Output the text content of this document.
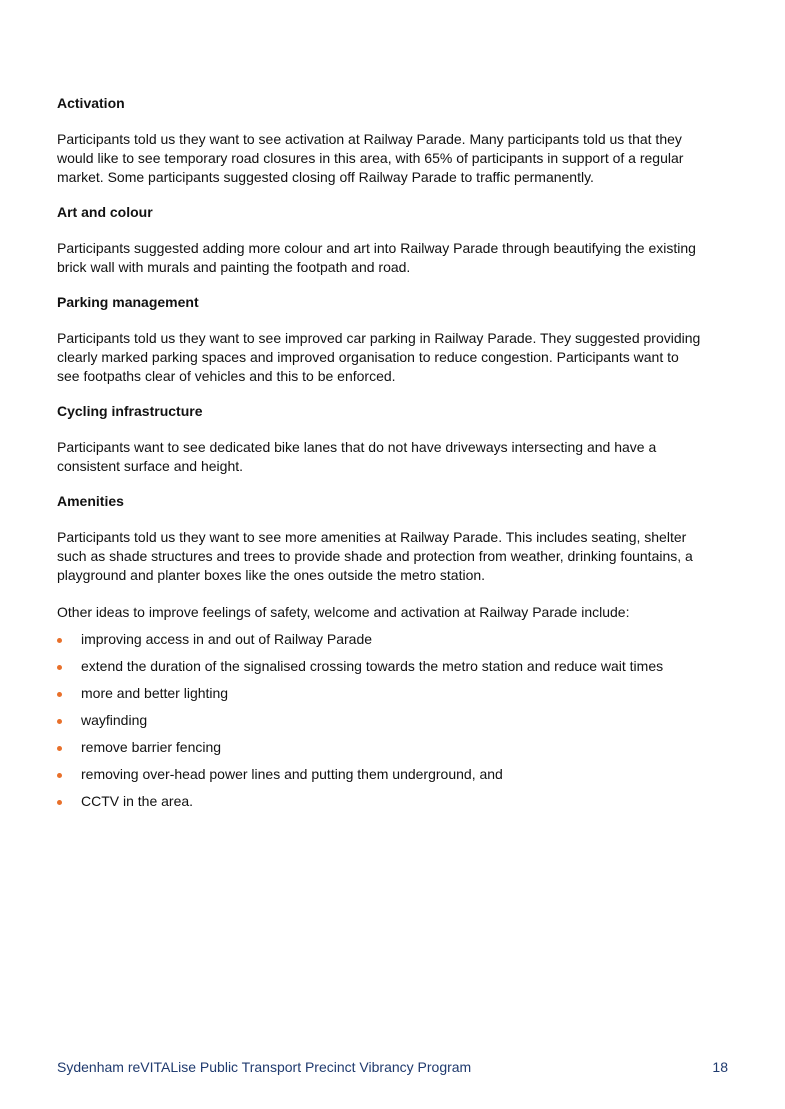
Activation
Participants told us they want to see activation at Railway Parade. Many participants told us that they
would like to see temporary road closures in this area, with 65% of participants in support of a regular
market. Some participants suggested closing off Railway Parade to traffic permanently.
Art and colour
Participants suggested adding more colour and art into Railway Parade through beautifying the existing
brick wall with murals and painting the footpath and road.
Parking management
Participants told us they want to see improved car parking in Railway Parade. They suggested providing
clearly marked parking spaces and improved organisation to reduce congestion. Participants want to
see footpaths clear of vehicles and this to be enforced.
Cycling infrastructure
Participants want to see dedicated bike lanes that do not have driveways intersecting and have a
consistent surface and height.
Amenities
Participants told us they want to see more amenities at Railway Parade. This includes seating, shelter
such as shade structures and trees to provide shade and protection from weather, drinking fountains, a
playground and planter boxes like the ones outside the metro station.
Other ideas to improve feelings of safety, welcome and activation at Railway Parade include:
improving access in and out of Railway Parade
extend the duration of the signalised crossing towards the metro station and reduce wait times
more and better lighting
wayfinding
remove barrier fencing
removing over-head power lines and putting them underground, and
CCTV in the area.
Sydenham reVITALise Public Transport Precinct Vibrancy Program	18
